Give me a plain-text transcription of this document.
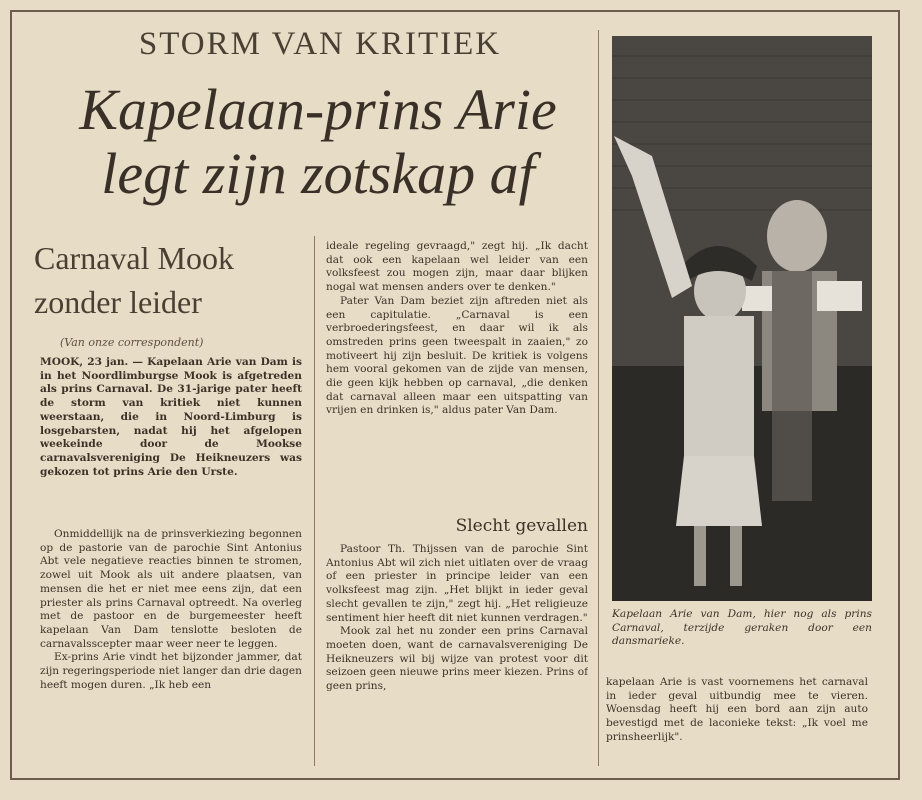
STORM VAN KRITIEK
Kapelaan-prins Arie
legt zijn zotskap af
Carnaval Mook
zonder leider
(Van onze correspondent)

MOOK, 23 jan. — Kapelaan Arie van Dam is in het Noordlimburgse Mook is afgetreden als prins Carnaval. De 31-jarige pater heeft de storm van kritiek niet kunnen weerstaan, die in Noord-Limburg is losgebarsten, nadat hij het afgelopen weekeinde door de Mookse carnavalsvereniging De Heikneuzers was gekozen tot prins Arie den Urste.

Onmiddellijk na de prinsverkiezing begonnen op de pastorie van de parochie Sint Antonius Abt vele negatieve reacties binnen te stromen, zowel uit Mook als uit andere plaatsen, van mensen die het er niet mee eens zijn, dat een priester als prins Carnaval optreedt. Na overleg met de pastoor en de burgemeester heeft kapelaan Van Dam tenslotte besloten de carnavalsscepter maar weer neer te leggen.

Ex-prins Arie vindt het bijzonder jammer, dat zijn regeringsperiode niet langer dan drie dagen heeft mogen duren. „Ik heb een

ideale regeling gevraagd," zegt hij. „Ik dacht dat ook een kapelaan wel leider van een volksfeest zou mogen zijn, maar daar blijken nogal wat mensen anders over te denken."

Pater Van Dam beziet zijn aftreden niet als een capitulatie. „Carnaval is een verbroederingsfeest, en daar wil ik als omstreden prins geen tweespalt in zaaien," zo motiveert hij zijn besluit. De kritiek is volgens hem vooral gekomen van de zijde van mensen, die geen kijk hebben op carnaval, „die denken dat carnaval alleen maar een uitspatting van vrijen en drinken is," aldus pater Van Dam.

Slecht gevallen

Pastoor Th. Thijssen van de parochie Sint Antonius Abt wil zich niet uitlaten over de vraag of een priester in principe leider van een volksfeest mag zijn. „Het blijkt in ieder geval slecht gevallen te zijn," zegt hij. „Het religieuze sentiment hier heeft dit niet kunnen verdragen."

Mook zal het nu zonder een prins Carnaval moeten doen, want de carnavalsvereniging De Heikneuzers wil bij wijze van protest voor dit seizoen geen nieuwe prins meer kiezen. Prins of geen prins,

Kapelaan Arie van Dam, hier nog als prins Carnaval, terzijde geraken door een dansmarieke.

kapelaan Arie is vast voornemens het carnaval in ieder geval uitbundig mee te vieren. Woensdag heeft hij een bord aan zijn auto bevestigd met de laconieke tekst: „Ik voel me prinsheerlijk".
